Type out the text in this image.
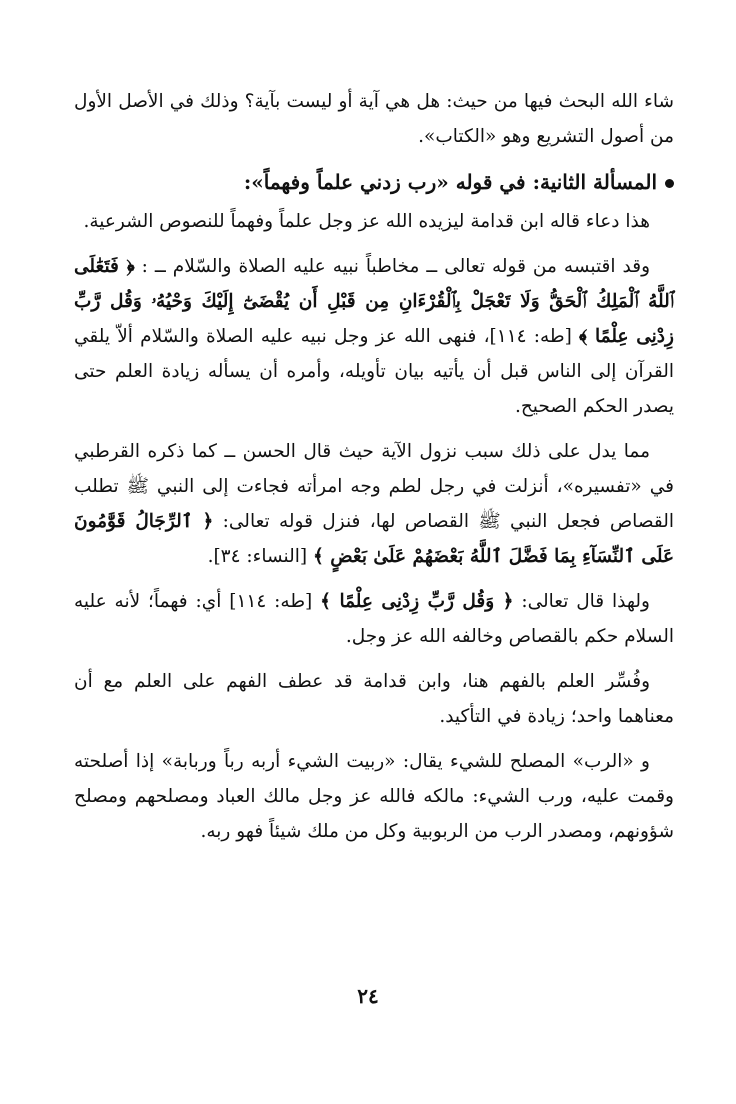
شاء الله البحث فيها من حيث: هل هي آية أو ليست بآية؟ وذلك في الأصل الأول من أصول التشريع وهو «الكتاب».

المسألة الثانية: في قوله «رب زدني علماً وفهماً»:

هذا دعاء قاله ابن قدامة ليزيده الله عز وجل علماً وفهماً للنصوص الشرعية.

وقد اقتبسه من قوله تعالى ــ مخاطباً نبيه عليه الصلاة والسّلام ــ : ﴿ فَتَعَٰلَى ٱللَّهُ ٱلْمَلِكُ ٱلْحَقُّ وَلَا تَعْجَلْ بِٱلْقُرْءَانِ مِن قَبْلِ أَن يُقْضَىٰٓ إِلَيْكَ وَحْيُهُۥ وَقُل رَّبِّ زِدْنِى عِلْمًا ﴾ [طه: ١١٤]، فنهى الله عز وجل نبيه عليه الصلاة والسّلام ألاّ يلقي القرآن إلى الناس قبل أن يأتيه بيان تأويله، وأمره أن يسأله زيادة العلم حتى يصدر الحكم الصحيح.

مما يدل على ذلك سبب نزول الآية حيث قال الحسن ــ كما ذكره القرطبي في «تفسيره»، أنزلت في رجل لطم وجه امرأته فجاءت إلى النبي ﷺ تطلب القصاص فجعل النبي ﷺ القصاص لها، فنزل قوله تعالى: ﴿ ٱلرِّجَالُ قَوَّٰمُونَ عَلَى ٱلنِّسَآءِ بِمَا فَضَّلَ ٱللَّهُ بَعْضَهُمْ عَلَىٰ بَعْضٍ ﴾ [النساء: ٣٤].

ولهذا قال تعالى: ﴿ وَقُل رَّبِّ زِدْنِى عِلْمًا ﴾ [طه: ١١٤] أي: فهماً؛ لأنه عليه السلام حكم بالقصاص وخالفه الله عز وجل.

وفُسِّر العلم بالفهم هنا، وابن قدامة قد عطف الفهم على العلم مع أن معناهما واحد؛ زيادة في التأكيد.

و «الرب» المصلح للشيء يقال: «ربيت الشيء أربه رباً وربابة» إذا أصلحته وقمت عليه، ورب الشيء: مالكه فالله عز وجل مالك العباد ومصلحهم ومصلح شؤونهم، ومصدر الرب من الربوبية وكل من ملك شيئاً فهو ربه.

٢٤
